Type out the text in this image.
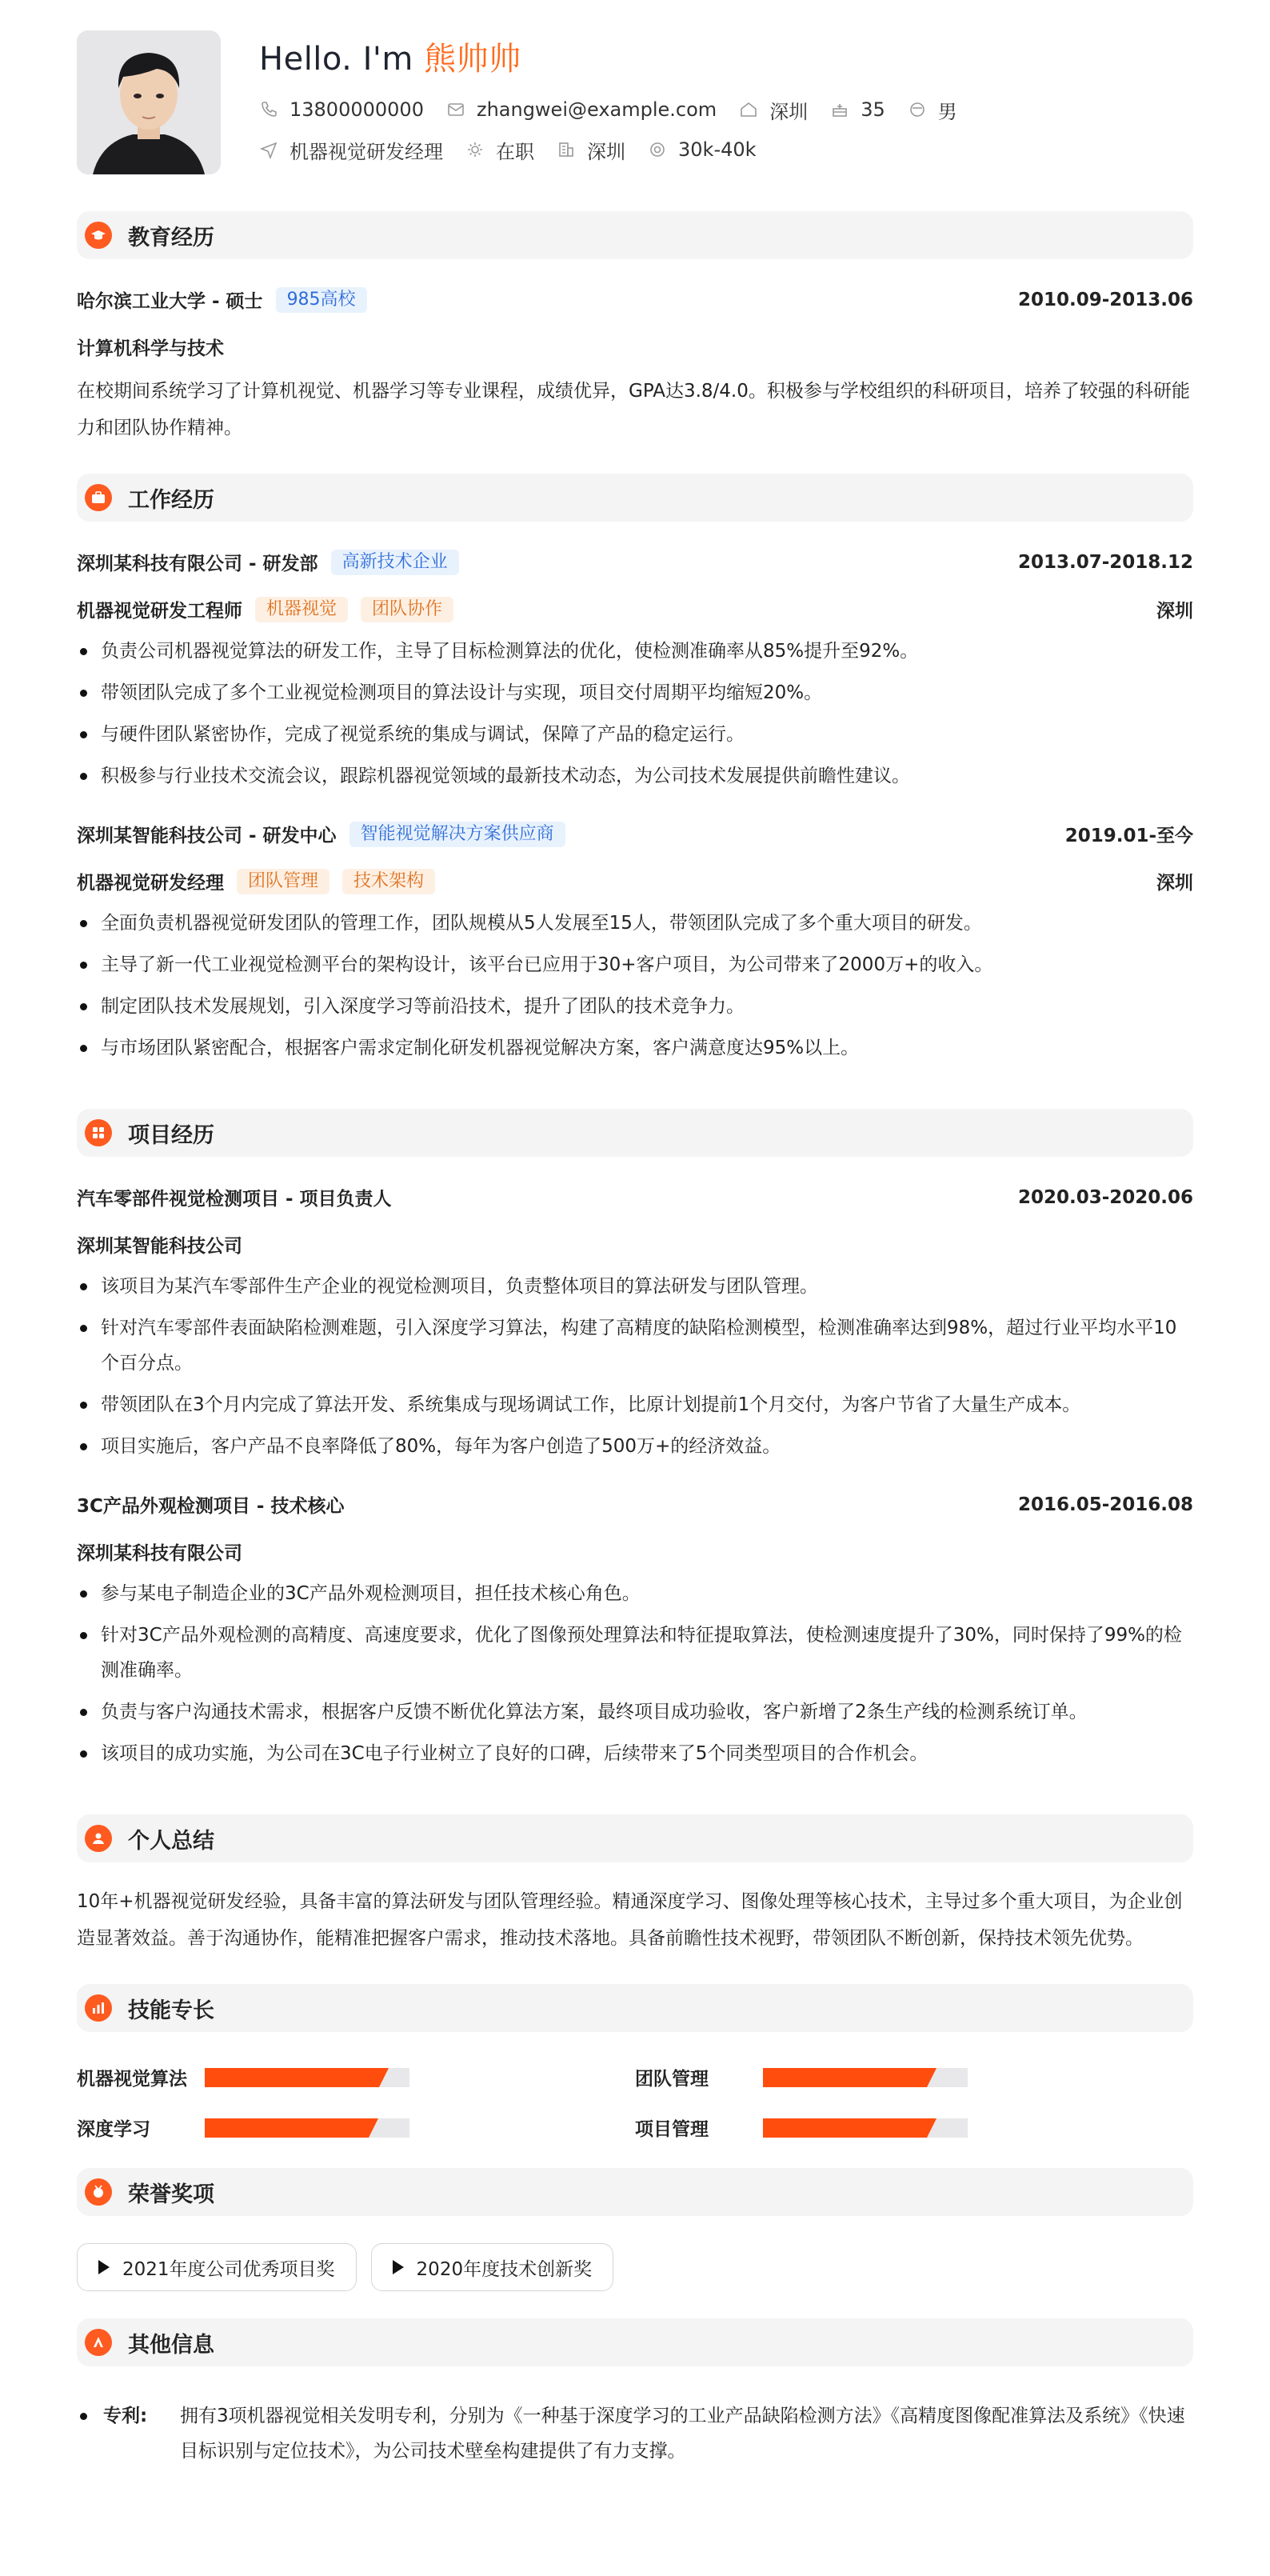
Hello. I'm 熊帅帅
13800000000	zhangwei@example.com	深圳	35	男
机器视觉研发经理	在职	深圳	30k-40k
教育经历
哈尔滨工业大学 - 硕士	985高校	2010.09-2013.06
计算机科学与技术

在校期间系统学习了计算机视觉、机器学习等专业课程，成绩优异，GPA达3.8/4.0。积极参与学校组织的科研项目，培养了较强的科研能力和团队协作精神。

工作经历
深圳某科技有限公司 - 研发部	高新技术企业	2013.07-2018.12
机器视觉研发工程师	机器视觉	团队协作	深圳
负责公司机器视觉算法的研发工作，主导了目标检测算法的优化，使检测准确率从85%提升至92%。
带领团队完成了多个工业视觉检测项目的算法设计与实现，项目交付周期平均缩短20%。
与硬件团队紧密协作，完成了视觉系统的集成与调试，保障了产品的稳定运行。
积极参与行业技术交流会议，跟踪机器视觉领域的最新技术动态，为公司技术发展提供前瞻性建议。
深圳某智能科技公司 - 研发中心	智能视觉解决方案供应商	2019.01-至今
机器视觉研发经理	团队管理	技术架构	深圳
全面负责机器视觉研发团队的管理工作，团队规模从5人发展至15人，带领团队完成了多个重大项目的研发。
主导了新一代工业视觉检测平台的架构设计，该平台已应用于30+客户项目，为公司带来了2000万+的收入。
制定团队技术发展规划，引入深度学习等前沿技术，提升了团队的技术竞争力。
与市场团队紧密配合，根据客户需求定制化研发机器视觉解决方案，客户满意度达95%以上。
项目经历
汽车零部件视觉检测项目 - 项目负责人	2020.03-2020.06
深圳某智能科技公司
该项目为某汽车零部件生产企业的视觉检测项目，负责整体项目的算法研发与团队管理。
针对汽车零部件表面缺陷检测难题，引入深度学习算法，构建了高精度的缺陷检测模型，检测准确率达到98%，超过行业平均水平10个百分点。
带领团队在3个月内完成了算法开发、系统集成与现场调试工作，比原计划提前1个月交付，为客户节省了大量生产成本。
项目实施后，客户产品不良率降低了80%，每年为客户创造了500万+的经济效益。
3C产品外观检测项目 - 技术核心	2016.05-2016.08
深圳某科技有限公司
参与某电子制造企业的3C产品外观检测项目，担任技术核心角色。
针对3C产品外观检测的高精度、高速度要求，优化了图像预处理算法和特征提取算法，使检测速度提升了30%，同时保持了99%的检测准确率。
负责与客户沟通技术需求，根据客户反馈不断优化算法方案，最终项目成功验收，客户新增了2条生产线的检测系统订单。
该项目的成功实施，为公司在3C电子行业树立了良好的口碑，后续带来了5个同类型项目的合作机会。
个人总结

10年+机器视觉研发经验，具备丰富的算法研发与团队管理经验。精通深度学习、图像处理等核心技术，主导过多个重大项目，为企业创造显著效益。善于沟通协作，能精准把握客户需求，推动技术落地。具备前瞻性技术视野，带领团队不断创新，保持技术领先优势。

技能专长
机器视觉算法	团队管理
深度学习	项目管理
荣誉奖项
2021年度公司优秀项目奖	2020年度技术创新奖
其他信息
专利:	拥有3项机器视觉相关发明专利，分别为《一种基于深度学习的工业产品缺陷检测方法》《高精度图像配准算法及系统》《快速目标识别与定位技术》，为公司技术壁垒构建提供了有力支撑。
